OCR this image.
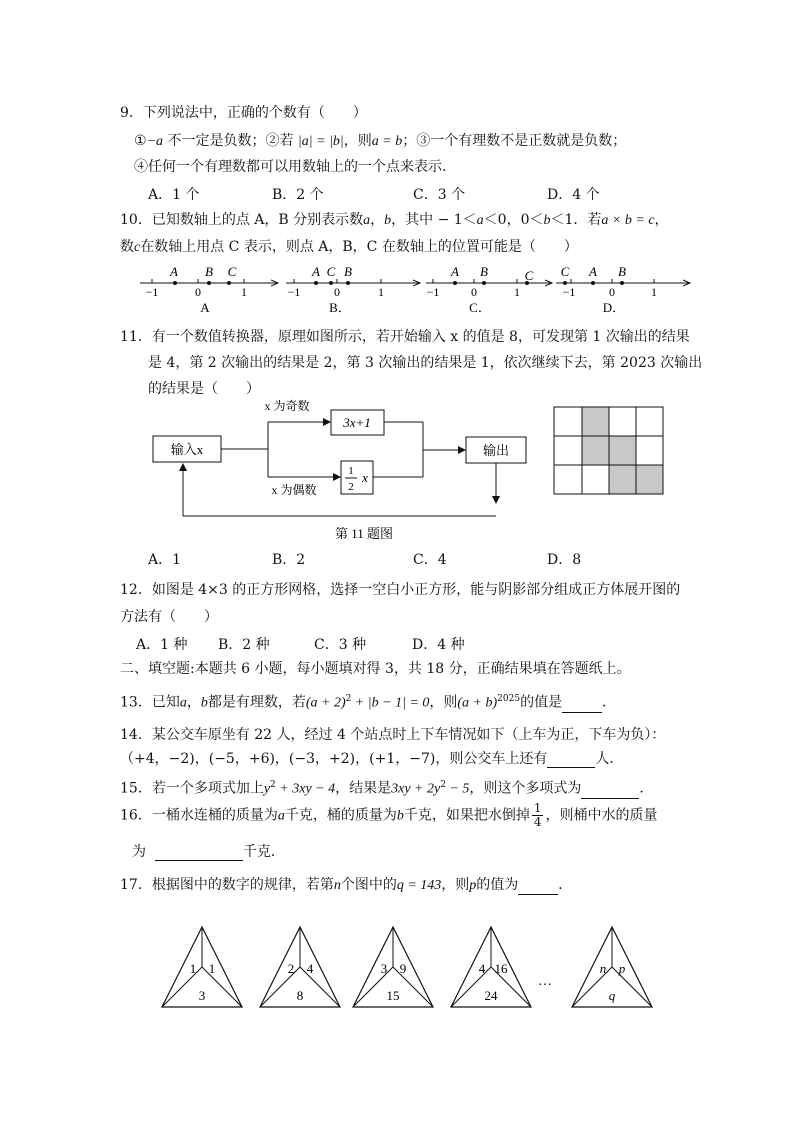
9．下列说法中，正确的个数有（　　）
①−a 不一定是负数；②若 |a| = |b|，则a = b；③一个有理数不是正数就是负数；
④任何一个有理数都可以用数轴上的一个点来表示．
A．1 个	B．2 个	C．3 个	D．4 个
10．已知数轴上的点 A，B 分别表示数a，b，其中 − 1＜a＜0，0＜b＜1．若a × b = c，
数c在数轴上用点 C 表示，则点 A，B，C 在数轴上的位置可能是（　　）
A B C
−1	0	1
A
A C B
−1	0	1
B．
A B	C
−1	0	1
C．
C A B
−1	0	1
D．
11．有一个数值转换器，原理如图所示，若开始输入 x 的值是 8，可发现第 1 次输出的结果
是 4，第 2 次输出的结果是 2，第 3 次输出的结果是 1，依次继续下去，第 2023 次输出
的结果是（　　）
输入x
x 为奇数
x 为偶数
3x+1
1
2
x
输出
第 11 题图
A．1	B．2	C．4	D．8
12．如图是 4×3 的正方形网格，选择一空白小正方形，能与阴影部分组成正方体展开图的
方法有（　　）
A．1 种 B．2 种	C．3 种	D．4 种
二、填空题:本题共 6 小题，每小题填对得 3，共 18 分，正确结果填在答题纸上。
13．已知a，b都是有理数，若$(a + 2)^2 + |b - 1| = 0$，则$(a + b)^{2025}$的值是	．
14．某公交车原坐有 22 人，经过 4 个站点时上下车情况如下（上车为正，下车为负）：
（+4，−2)，(−5，+6)，(−3，+2)，(+1，−7)，则公交车上还有	人．
15．若一个多项式加上$y^2 + 3xy - 4$，结果是$3xy + 2y^2 - 5$，则这个多项式为	．
16．一桶水连桶的质量为a千克，桶的质量为b千克，如果把水倒掉 $\frac{1}{4}$ ，则桶中水的质量
为	千克．
17．根据图中的数字的规律，若第n个图中的q = 143，则p的值为	．
…
1 1
3
2 4
8
3 9
15
4 16
24
n p
q
